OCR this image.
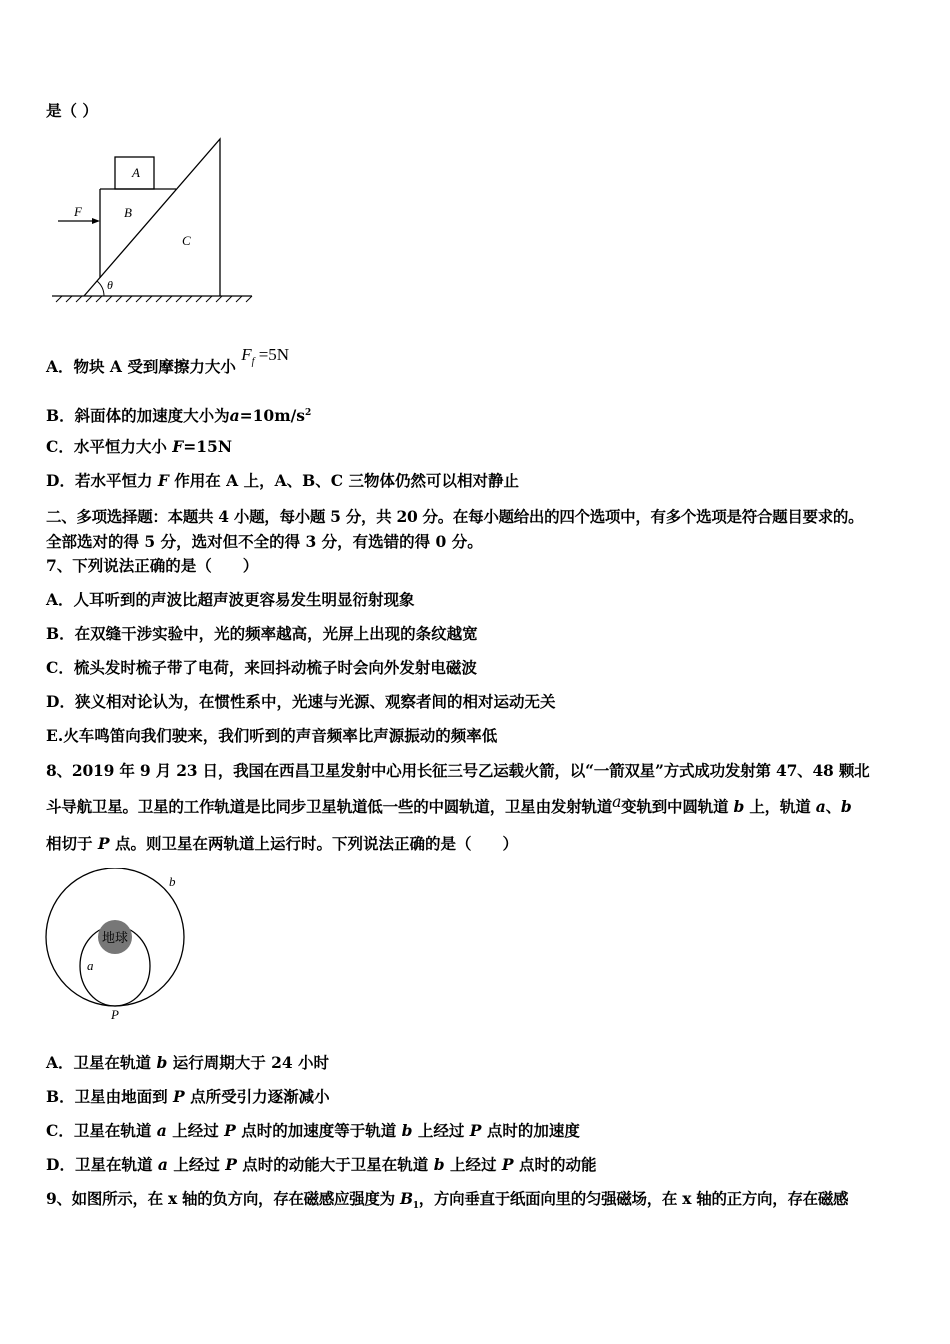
是（ ）
A
B
C
F
θ
A．物块 A 受到摩擦力大小 $F_f =5N$
B．斜面体的加速度大小为$a=10m/s^2$
C．水平恒力大小 F=15N
D．若水平恒力 F 作用在 A 上，A、B、C 三物体仍然可以相对静止
二、多项选择题：本题共 4 小题，每小题 5 分，共 20 分。在每小题给出的四个选项中，有多个选项是符合题目要求的。
全部选对的得 5 分，选对但不全的得 3 分，有选错的得 0 分。
7、下列说法正确的是（　　）
A．人耳听到的声波比超声波更容易发生明显衍射现象
B．在双缝干涉实验中，光的频率越高，光屏上出现的条纹越宽
C．梳头发时梳子带了电荷，来回抖动梳子时会向外发射电磁波
D．狭义相对论认为，在惯性系中，光速与光源、观察者间的相对运动无关
E.火车鸣笛向我们驶来，我们听到的声音频率比声源振动的频率低
8、2019 年 9 月 23 日，我国在西昌卫星发射中心用长征三号乙运载火箭，以“一箭双星”方式成功发射第 47、48 颗北
斗导航卫星。卫星的工作轨道是比同步卫星轨道低一些的中圆轨道，卫星由发射轨道a变轨到中圆轨道 b 上，轨道 a、b
相切于 P 点。则卫星在两轨道上运行时。下列说法正确的是（　　）
地球
a
b
P
A．卫星在轨道 b 运行周期大于 24 小时
B．卫星由地面到 P 点所受引力逐渐减小
C．卫星在轨道 a 上经过 P 点时的加速度等于轨道 b 上经过 P 点时的加速度
D．卫星在轨道 a 上经过 P 点时的动能大于卫星在轨道 b 上经过 P 点时的动能
9、如图所示，在 x 轴的负方向，存在磁感应强度为 $B_1$，方向垂直于纸面向里的匀强磁场，在 x 轴的正方向，存在磁感
